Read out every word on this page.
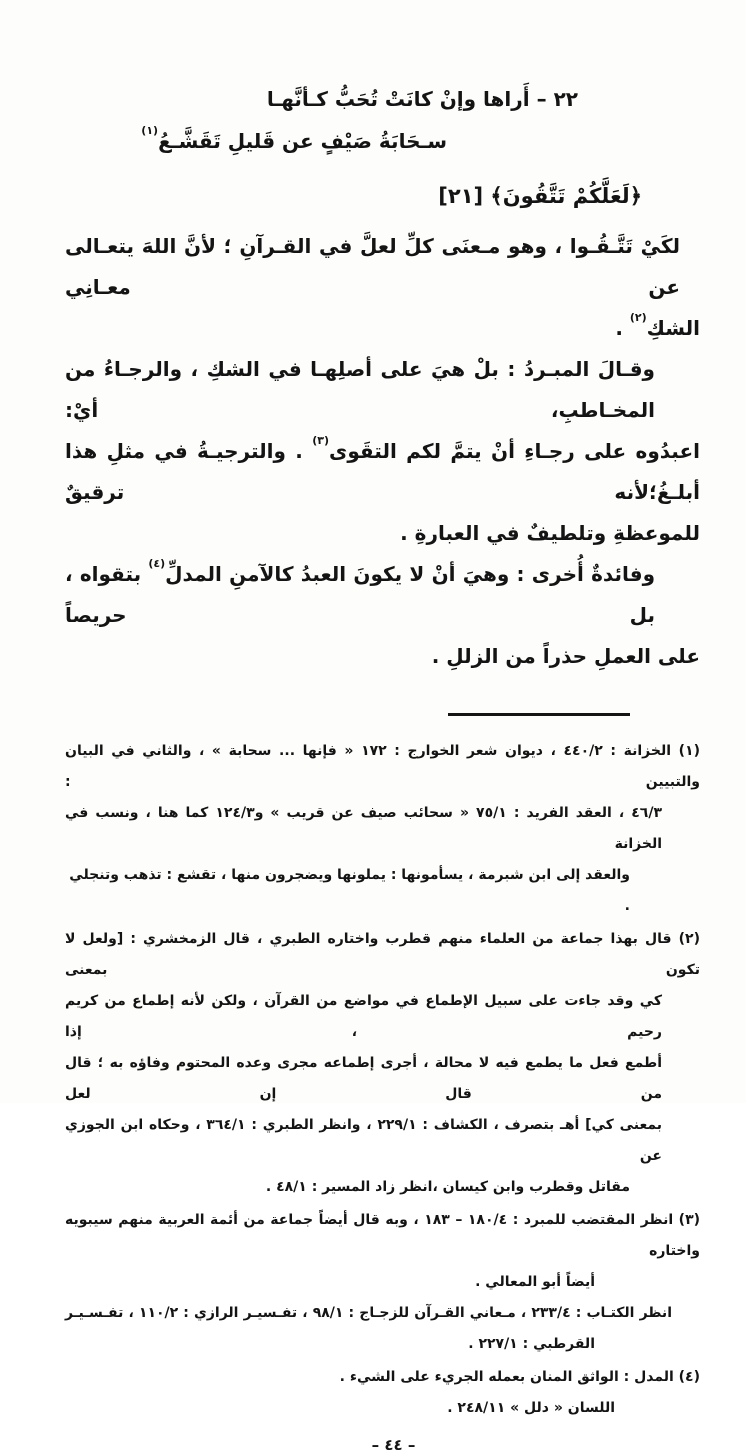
٢٢ – أَراها وإنْ كانَتْ تُحَبُّ كـأنَّهـا
سـحَابَةُ صَيْفٍ عن قَليلِ تَقَشَّـعُ$^{(١)}$
﴿لَعَلَّكُمْ تَتَّقُونَ﴾ [٢١]
لكَيْ تَتَّـقُـوا ، وهو مـعنَى كلِّ لعلَّ في القـرآنِ ؛ لأنَّ اللهَ يتعـالى عن معـانِي
الشكِ$^{(٢)}$ .
وقـالَ المبـردُ : بلْ هيَ على أصلِهـا في الشكِ ، والرجـاءُ من المخـاطبِ، أيْ:
اعبدُوه على رجـاءِ أنْ يتمَّ لكم التقَوى$^{(٣)}$ . والترجيـةُ في مثلِ هذا أبلـغُ؛لأنه ترقيقٌ
للموعظةِ وتلطيفٌ في العبارةِ .
وفائدةٌ أُخرى : وهيَ أنْ لا يكونَ العبدُ كالآمنِ المدلِّ$^{(٤)}$ بتقواه ، بل حريصاً
على العملِ حذراً من الزللِ .
(١) الخزانة : ٤٤٠/٢ ، ديوان شعر الخوارج : ١٧٢ « فإنها ... سحابة » ، والثاني في البيان والتبيين :
٤٦/٣ ، العقد الفريد : ٧٥/١ « سحائب صيف عن قريب » و١٢٤/٣ كما هنا ، ونسب في الخزانة
والعقد إلى ابن شبرمة ، يسأمونها : يملونها ويضجرون منها ، تقشع : تذهب وتنجلي .
(٢) قال بهذا جماعة من العلماء منهم قطرب واختاره الطبري ، قال الزمخشري : [ولعل لا تكون بمعنى
كي وقد جاءت على سبيل الإطماع في مواضع من القرآن ، ولكن لأنه إطماع من كريم رحيم ، إذا
أطمع فعل ما يطمع فيه لا محالة ، أجرى إطماعه مجرى وعده المحتوم وفاؤه به ؛ قال من قال إن لعل
بمعنى كي] أهـ بتصرف ، الكشاف : ٢٢٩/١ ، وانظر الطبري : ٣٦٤/١ ، وحكاه ابن الجوزي عن
مقاتل وقطرب وابن كيسان ،انظر زاد المسير : ٤٨/١ .
(٣) انظر المقتضب للمبرد : ١٨٠/٤ – ١٨٣ ، وبه قال أيضاً جماعة من أئمة العربية منهم سيبويه واختاره
أيضاً أبو المعالي .
انظر الكتـاب : ٢٣٣/٤ ، مـعاني القـرآن للزجـاج : ٩٨/١ ، تفـسيـر الرازي : ١١٠/٢ ، تفـسـيـر
القرطبي : ٢٢٧/١ .
(٤) المدل : الواثق المنان بعمله الجريء على الشيء .
اللسان « دلل » ٢٤٨/١١ .
– ٤٤ –
